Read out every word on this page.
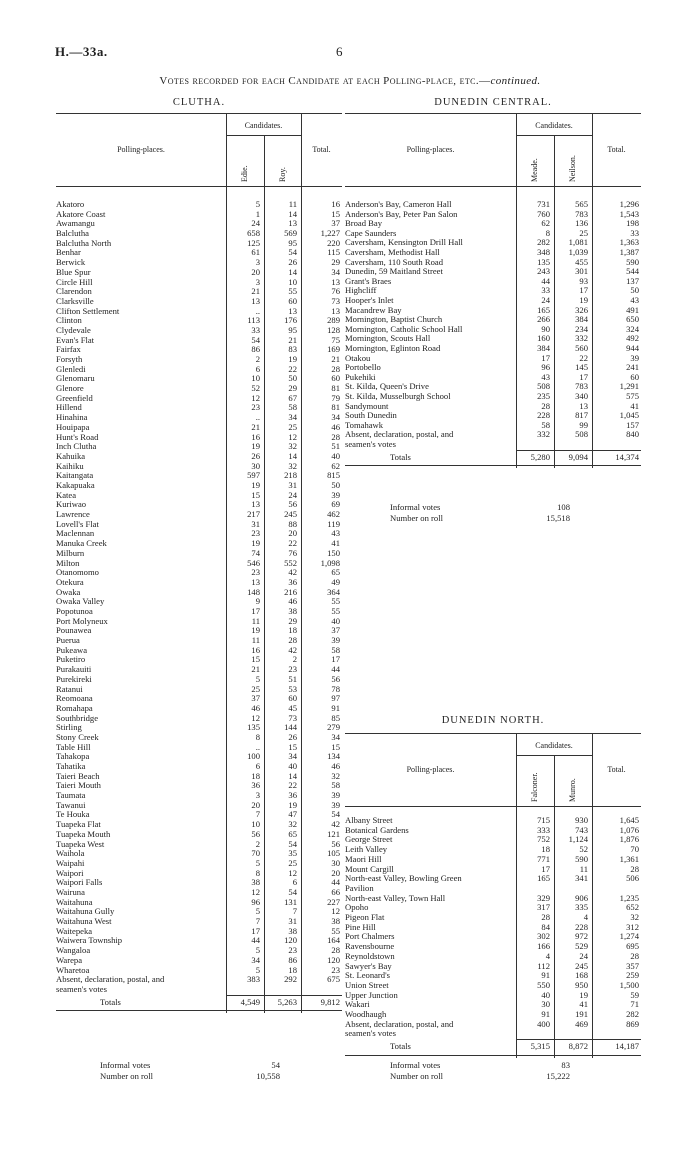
H.—33a.	6
Votes recorded for each Candidate at each Polling-place, etc.—continued.
CLUTHA.
Polling-places.
Candidates.
Total.
Edie.	Roy.
Akatoro	5	11	16
Akatore Coast	1	14	15
Awamangu	24	13	37
Balclutha	658	569	1,227
Balclutha North	125	95	220
Benhar	61	54	115
Berwick	3	26	29
Blue Spur	20	14	34
Circle Hill	3	10	13
Clarendon	21	55	76
Clarksville	13	60	73
Clifton Settlement	..	13	13
Clinton	113	176	289
Clydevale	33	95	128
Evan's Flat	54	21	75
Fairfax	86	83	169
Forsyth	2	19	21
Glenledi	6	22	28
Glenomaru	10	50	60
Glenore	52	29	81
Greenfield	12	67	79
Hillend	23	58	81
Hinahina	..	34	34
Houipapa	21	25	46
Hunt's Road	16	12	28
Inch Clutha	19	32	51
Kahuika	26	14	40
Kaihiku	30	32	62
Kaitangata	597	218	815
Kakapuaka	19	31	50
Katea	15	24	39
Kuriwao	13	56	69
Lawrence	217	245	462
Lovell's Flat	31	88	119
Maclennan	23	20	43
Manuka Creek	19	22	41
Milburn	74	76	150
Milton	546	552	1,098
Otanomomo	23	42	65
Otekura	13	36	49
Owaka	148	216	364
Owaka Valley	9	46	55
Popotunoa	17	38	55
Port Molyneux	11	29	40
Pounawea	19	18	37
Puerua	11	28	39
Pukeawa	16	42	58
Puketiro	15	2	17
Purakauiti	21	23	44
Purekireki	5	51	56
Ratanui	25	53	78
Reomoana	37	60	97
Romahapa	46	45	91
Southbridge	12	73	85
Stirling	135	144	279
Stony Creek	8	26	34
Table Hill	..	15	15
Tahakopa	100	34	134
Tahatika	6	40	46
Taieri Beach	18	14	32
Taieri Mouth	36	22	58
Taumata	3	36	39
Tawanui	20	19	39
Te Houka	7	47	54
Tuapeka Flat	10	32	42
Tuapeka Mouth	56	65	121
Tuapeka West	2	54	56
Waihola	70	35	105
Waipahi	5	25	30
Waipori	8	12	20
Waipori Falls	38	6	44
Wairuna	12	54	66
Waitahuna	96	131	227
Waitahuna Gully	5	7	12
Waitahuna West	7	31	38
Waitepeka	17	38	55
Waiwera Township	44	120	164
Wangaloa	5	23	28
Warepa	34	86	120
Wharetoa	5	18	23
Absent, declaration, postal, and	383	292	675
seamen's votes
Totals	4,549 5,263	9,812
Informal votes	54
Number on roll	10,558
DUNEDIN CENTRAL.
Polling-places.
Candidates.
Total.
Meade.	Neilson.
Anderson's Bay, Cameron Hall	731	565	1,296
Anderson's Bay, Peter Pan Salon	760	783	1,543
Broad Bay	62	136	198
Cape Saunders	8	25	33
Caversham, Kensington Drill Hall	282 1,081	1,363
Caversham, Methodist Hall	348 1,039	1,387
Caversham, 110 South Road	135	455	590
Dunedin, 59 Maitland Street	243	301	544
Grant's Braes	44	93	137
Highcliff	33	17	50
Hooper's Inlet	24	19	43
Macandrew Bay	165	326	491
Mornington, Baptist Church	266	384	650
Mornington, Catholic School Hall	90	234	324
Mornington, Scouts Hall	160	332	492
Mornington, Eglinton Road	384	560	944
Otakou	17	22	39
Portobello	96	145	241
Pukehiki	43	17	60
St. Kilda, Queen's Drive	508	783	1,291
St. Kilda, Musselburgh School	235	340	575
Sandymount	28	13	41
South Dunedin	228	817	1,045
Tomahawk	58	99	157
Absent, declaration, postal, and	332	508	840
seamen's votes
Totals	5,280 9,094	14,374
Informal votes	108
Number on roll	15,518
DUNEDIN NORTH.
Polling-places.
Candidates.
Total.
Falconer.	Munro.
Albany Street	715	930	1,645
Botanical Gardens	333	743	1,076
George Street	752 1,124	1,876
Leith Valley	18	52	70
Maori Hill	771	590	1,361
Mount Cargill	17	11	28
North-east Valley, Bowling Green	165	341	506
Pavilion
North-east Valley, Town Hall	329	906	1,235
Opoho	317	335	652
Pigeon Flat	28	4	32
Pine Hill	84	228	312
Port Chalmers	302	972	1,274
Ravensbourne	166	529	695
Reynoldstown	4	24	28
Sawyer's Bay	112	245	357
St. Leonard's	91	168	259
Union Street	550	950	1,500
Upper Junction	40	19	59
Wakari	30	41	71
Woodhaugh	91	191	282
Absent, declaration, postal, and	400	469	869
seamen's votes
Totals	5,315 8,872	14,187
Informal votes	83
Number on roll	15,222
